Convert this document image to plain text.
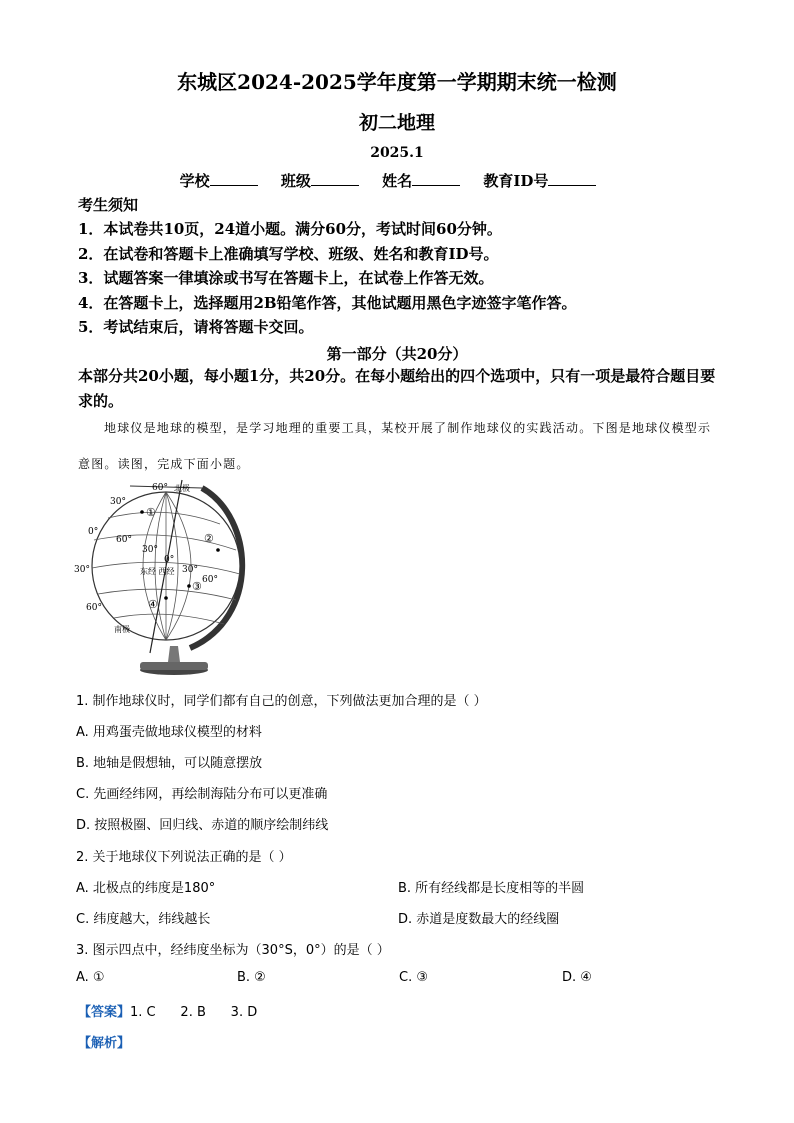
东城区2024-2025学年度第一学期期末统一检测
初二地理
2025.1
学校	班级	姓名	教育ID号
考生须知
1．本试卷共10页，24道小题。满分60分，考试时间60分钟。
2．在试卷和答题卡上准确填写学校、班级、姓名和教育ID号。
3．试题答案一律填涂或书写在答题卡上，在试卷上作答无效。
4．在答题卡上，选择题用2B铅笔作答，其他试题用黑色字迹签字笔作答。
5．考试结束后，请将答题卡交回。
第一部分（共20分）
本部分共20小题，每小题1分，共20分。在每小题给出的四个选项中，只有一项是最符合题目要求的。
地球仪是地球的模型，是学习地理的重要工具，某校开展了制作地球仪的实践活动。下图是地球仪模型示意图。读图，完成下面小题。
60° 北极
30°
0°
60°
30°
0°
30°
60°
30°
60°
东经 西经
南极
①
②
③
④
1. 制作地球仪时，同学们都有自己的创意，下列做法更加合理的是（ ）
A. 用鸡蛋壳做地球仪模型的材料
B. 地轴是假想轴，可以随意摆放
C. 先画经纬网，再绘制海陆分布可以更准确
D. 按照极圈、回归线、赤道的顺序绘制纬线
2. 关于地球仪下列说法正确的是（ ）
A. 北极点的纬度是180°	B. 所有经线都是长度相等的半圆
C. 纬度越大，纬线越长	D. 赤道是度数最大的经线圈
3. 图示四点中，经纬度坐标为（30°S，0°）的是（ ）
A. ①	B. ②	C. ③	D. ④
【答案】1. C      2. B      3. D
【解析】
